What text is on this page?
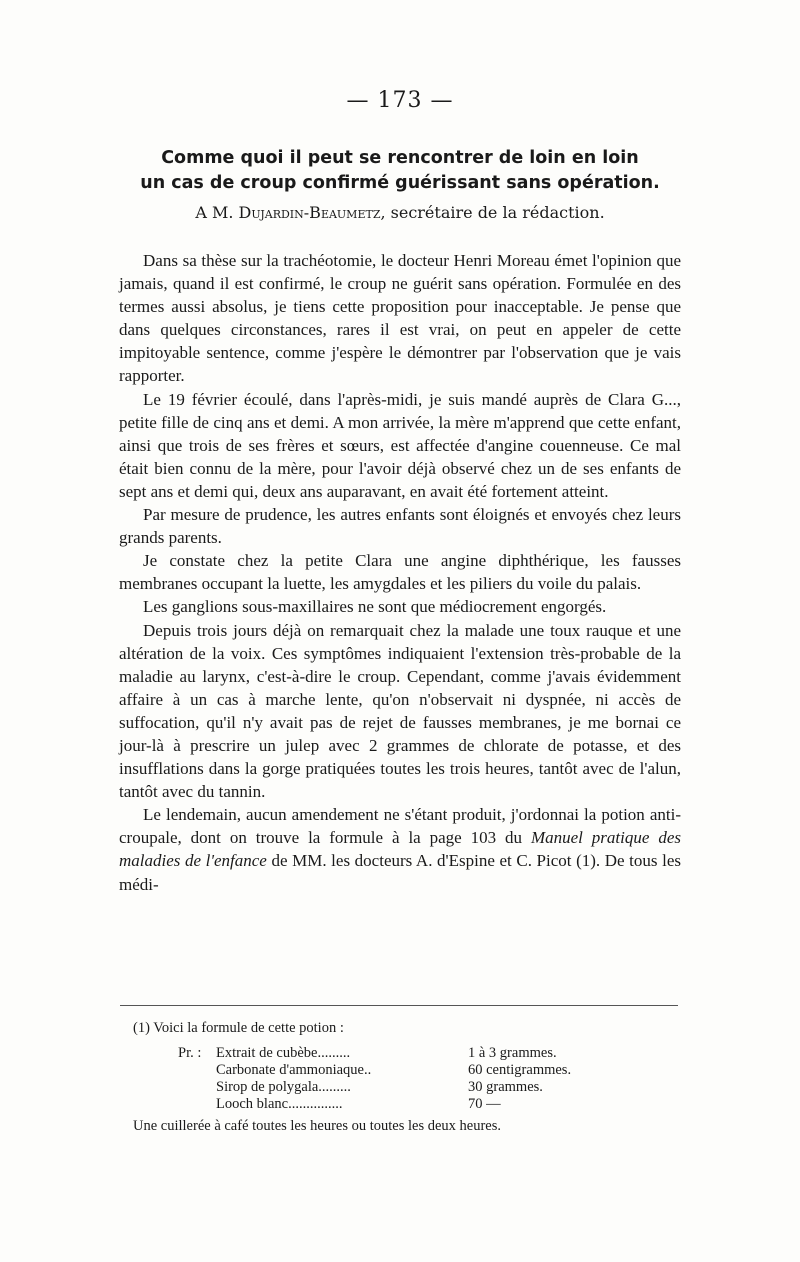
— 173 —
Comme quoi il peut se rencontrer de loin en loin
un cas de croup confirmé guérissant sans opération.
A M. Dujardin-Beaumetz, secrétaire de la rédaction.

Dans sa thèse sur la trachéotomie, le docteur Henri Moreau émet l'opinion que jamais, quand il est confirmé, le croup ne guérit sans opération. Formulée en des termes aussi absolus, je tiens cette proposition pour inacceptable. Je pense que dans quelques circonstances, rares il est vrai, on peut en appeler de cette impitoyable sentence, comme j'espère le démontrer par l'observation que je vais rapporter.

Le 19 février écoulé, dans l'après-midi, je suis mandé auprès de Clara G..., petite fille de cinq ans et demi. A mon arrivée, la mère m'apprend que cette enfant, ainsi que trois de ses frères et sœurs, est affectée d'angine couenneuse. Ce mal était bien connu de la mère, pour l'avoir déjà observé chez un de ses enfants de sept ans et demi qui, deux ans auparavant, en avait été fortement atteint.

Par mesure de prudence, les autres enfants sont éloignés et envoyés chez leurs grands parents.

Je constate chez la petite Clara une angine diphthérique, les fausses membranes occupant la luette, les amygdales et les piliers du voile du palais.

Les ganglions sous-maxillaires ne sont que médiocrement engorgés.

Depuis trois jours déjà on remarquait chez la malade une toux rauque et une altération de la voix. Ces symptômes indiquaient l'extension très-probable de la maladie au larynx, c'est-à-dire le croup. Cependant, comme j'avais évidemment affaire à un cas à marche lente, qu'on n'observait ni dyspnée, ni accès de suffocation, qu'il n'y avait pas de rejet de fausses membranes, je me bornai ce jour-là à prescrire un julep avec 2 grammes de chlorate de potasse, et des insufflations dans la gorge pratiquées toutes les trois heures, tantôt avec de l'alun, tantôt avec du tannin.

Le lendemain, aucun amendement ne s'étant produit, j'ordonnai la potion anti-croupale, dont on trouve la formule à la page 103 du Manuel pratique des maladies de l'enfance de MM. les docteurs A. d'Espine et C. Picot (1). De tous les médi-

(1) Voici la formule de cette potion :
Pr. :	Extrait de cubèbe.........	1 à 3 grammes.
Carbonate d'ammoniaque..	60 centigrammes.
Sirop de polygala.........	30 grammes.
Looch blanc...............	70 —
Une cuillerée à café toutes les heures ou toutes les deux heures.
